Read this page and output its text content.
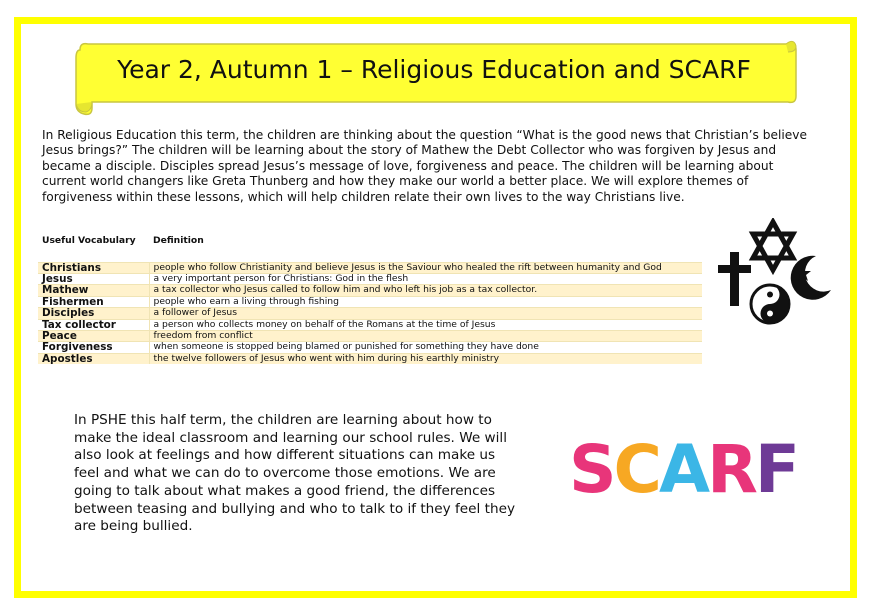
Year 2, Autumn 1 – Religious Education and SCARF

In Religious Education this term, the children are thinking about the question “What is the good news that Christian’s believe Jesus brings?” The children will be learning about the story of Mathew the Debt Collector who was forgiven by Jesus and became a disciple. Disciples spread Jesus’s message of love, forgiveness and peace. The children will be learning about current world changers like Greta Thunberg and how they make our world a better place. We will explore themes of forgiveness within these lessons, which will help children relate their own lives to the way Christians live.

Useful Vocabulary	Definition
Christians	people who follow Christianity and believe Jesus is the Saviour who healed the rift between humanity and God
Jesus	a very important person for Christians: God in the flesh
Mathew	a tax collector who Jesus called to follow him and who left his job as a tax collector.
Fishermen	people who earn a living through fishing
Disciples	a follower of Jesus
Tax collector	a person who collects money on behalf of the Romans at the time of Jesus
Peace	freedom from conflict
Forgiveness	when someone is stopped being blamed or punished for something they have done
Apostles	the twelve followers of Jesus who went with him during his earthly ministry

In PSHE this half term, the children are learning about how to make the ideal classroom and learning our school rules. We will also look at feelings and how different situations can make us feel and what we can do to overcome those emotions. We are going to talk about what makes a good friend, the differences between teasing and bullying and who to talk to if they feel they are being bullied.

SCARF
